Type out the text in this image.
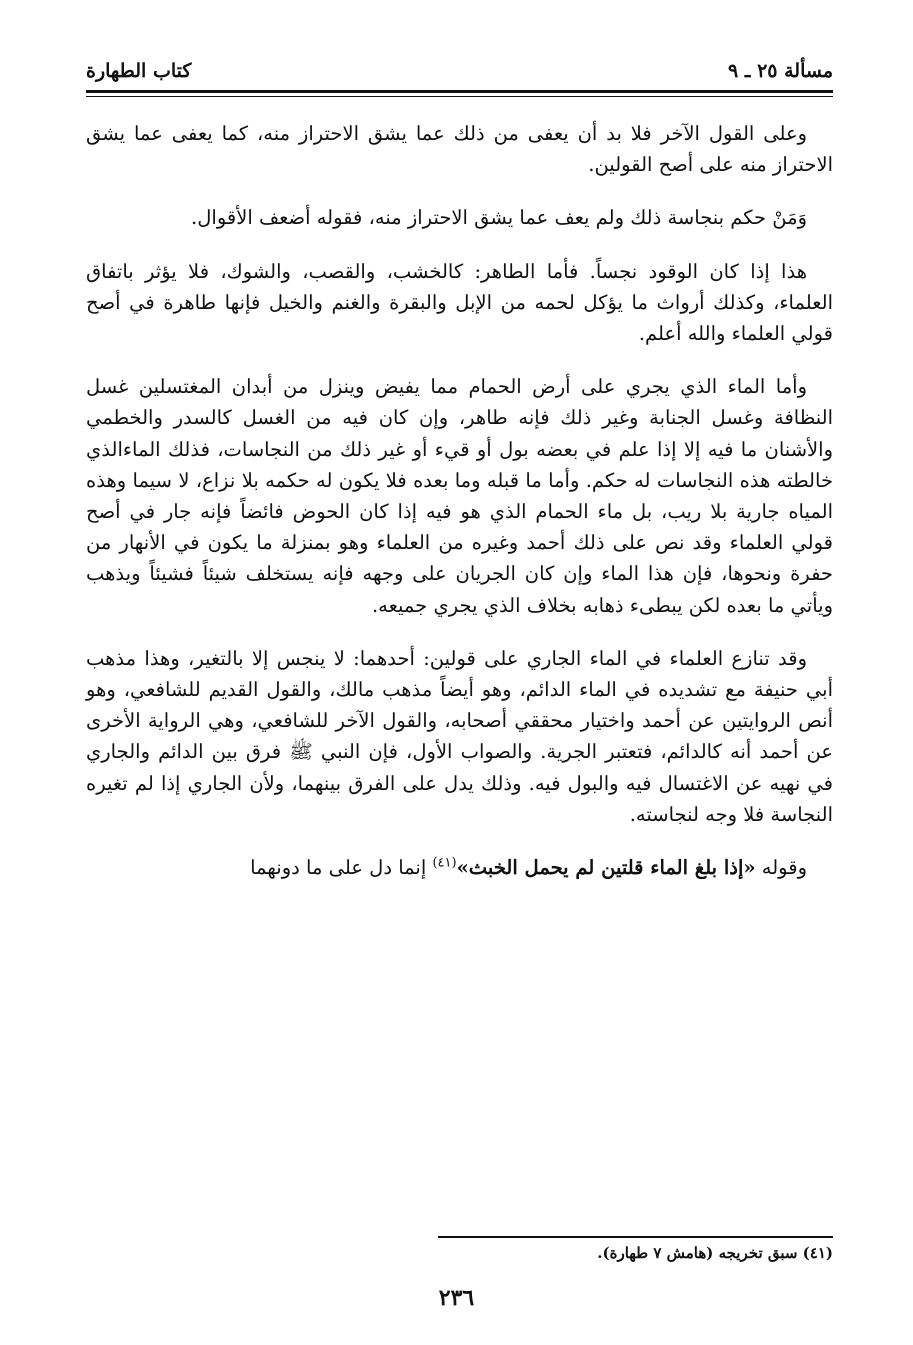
مسألة ٢٥ ـ ٩
كتاب الطهارة

وعلى القول الآخر فلا بد أن يعفى من ذلك عما يشق الاحتراز منه، كما يعفى عما يشق الاحتراز منه على أصح القولين.

وَمَنْ حكم بنجاسة ذلك ولم يعف عما يشق الاحتراز منه، فقوله أضعف الأقوال.

هذا إذا كان الوقود نجساً. فأما الطاهر: كالخشب، والقصب، والشوك، فلا يؤثر باتفاق العلماء، وكذلك أرواث ما يؤكل لحمه من الإبل والبقرة والغنم والخيل فإنها طاهرة في أصح قولي العلماء والله أعلم.

وأما الماء الذي يجري على أرض الحمام مما يفيض وينزل من أبدان المغتسلين غسل النظافة وغسل الجنابة وغير ذلك فإنه طاهر، وإن كان فيه من الغسل كالسدر والخطمي والأشنان ما فيه إلا إذا علم في بعضه بول أو قيء أو غير ذلك من النجاسات، فذلك الماءالذي خالطته هذه النجاسات له حكم. وأما ما قبله وما بعده فلا يكون له حكمه بلا نزاع، لا سيما وهذه المياه جارية بلا ريب، بل ماء الحمام الذي هو فيه إذا كان الحوض فائضاً فإنه جار في أصح قولي العلماء وقد نص على ذلك أحمد وغيره من العلماء وهو بمنزلة ما يكون في الأنهار من حفرة ونحوها، فإن هذا الماء وإن كان الجريان على وجهه فإنه يستخلف شيئاً فشيئاً ويذهب ويأتي ما بعده لكن يبطىء ذهابه بخلاف الذي يجري جميعه.

وقد تنازع العلماء في الماء الجاري على قولين: أحدهما: لا ينجس إلا بالتغير، وهذا مذهب أبي حنيفة مع تشديده في الماء الدائم، وهو أيضاً مذهب مالك، والقول القديم للشافعي، وهو أنص الروايتين عن أحمد واختيار محققي أصحابه، والقول الآخر للشافعي، وهي الرواية الأخرى عن أحمد أنه كالدائم، فتعتبر الجرية. والصواب الأول، فإن النبي ﷺ فرق بين الدائم والجاري في نهيه عن الاغتسال فيه والبول فيه. وذلك يدل على الفرق بينهما، ولأن الجاري إذا لم تغيره النجاسة فلا وجه لنجاسته.

وقوله «إذا بلغ الماء قلتين لم يحمل الخبث»$^{(٤١)}$ إنما دل على ما دونهما

(٤١) سبق تخريجه (هامش ٧ طهارة).
٢٣٦
